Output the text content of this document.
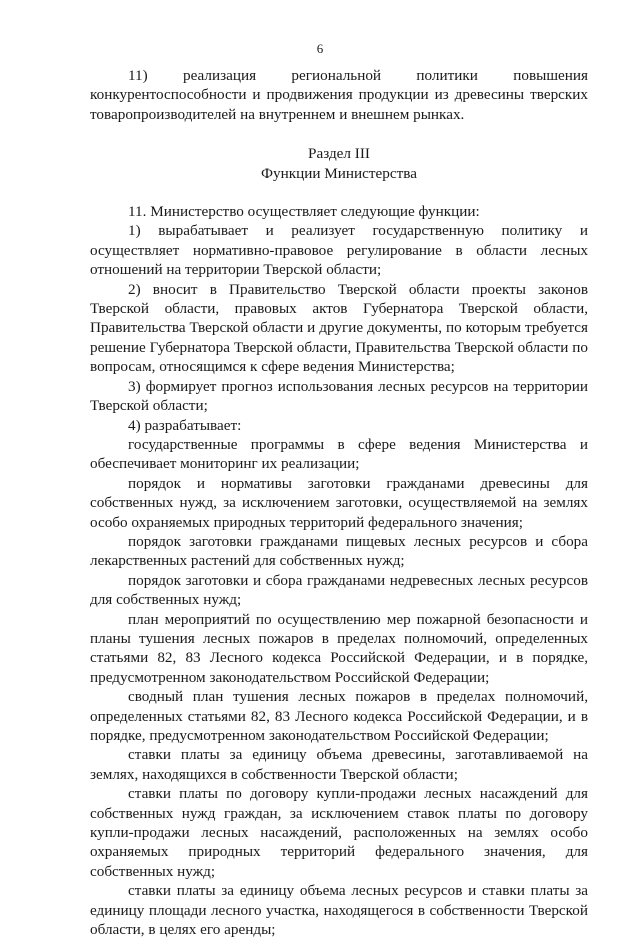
6

11) реализация региональной политики повышения конкурентоспособности и продвижения продукции из древесины тверских товаропроизводителей на внутреннем и внешнем рынках.

Раздел III

Функции Министерства

11. Министерство осуществляет следующие функции:

1) вырабатывает и реализует государственную политику и осуществляет нормативно-правовое регулирование в области лесных отношений на территории Тверской области;

2) вносит в Правительство Тверской области проекты законов Тверской области, правовых актов Губернатора Тверской области, Правительства Тверской области и другие документы, по которым требуется решение Губернатора Тверской области, Правительства Тверской области по вопросам, относящимся к сфере ведения Министерства;

3) формирует прогноз использования лесных ресурсов на территории Тверской области;

4) разрабатывает:

государственные программы в сфере ведения Министерства и обеспечивает мониторинг их реализации;

порядок и нормативы заготовки гражданами древесины для собственных нужд, за исключением заготовки, осуществляемой на землях особо охраняемых природных территорий федерального значения;

порядок заготовки гражданами пищевых лесных ресурсов и сбора лекарственных растений для собственных нужд;

порядок заготовки и сбора гражданами недревесных лесных ресурсов для собственных нужд;

план мероприятий по осуществлению мер пожарной безопасности и планы тушения лесных пожаров в пределах полномочий, определенных статьями 82, 83 Лесного кодекса Российской Федерации, и в порядке, предусмотренном законодательством Российской Федерации;

сводный план тушения лесных пожаров в пределах полномочий, определенных статьями 82, 83 Лесного кодекса Российской Федерации, и в порядке, предусмотренном законодательством Российской Федерации;

ставки платы за единицу объема древесины, заготавливаемой на землях, находящихся в собственности Тверской области;

ставки платы по договору купли-продажи лесных насаждений для собственных нужд граждан, за исключением ставок платы по договору купли-продажи лесных насаждений, расположенных на землях особо охраняемых природных территорий федерального значения, для собственных нужд;

ставки платы за единицу объема лесных ресурсов и ставки платы за единицу площади лесного участка, находящегося в собственности Тверской области, в целях его аренды;
